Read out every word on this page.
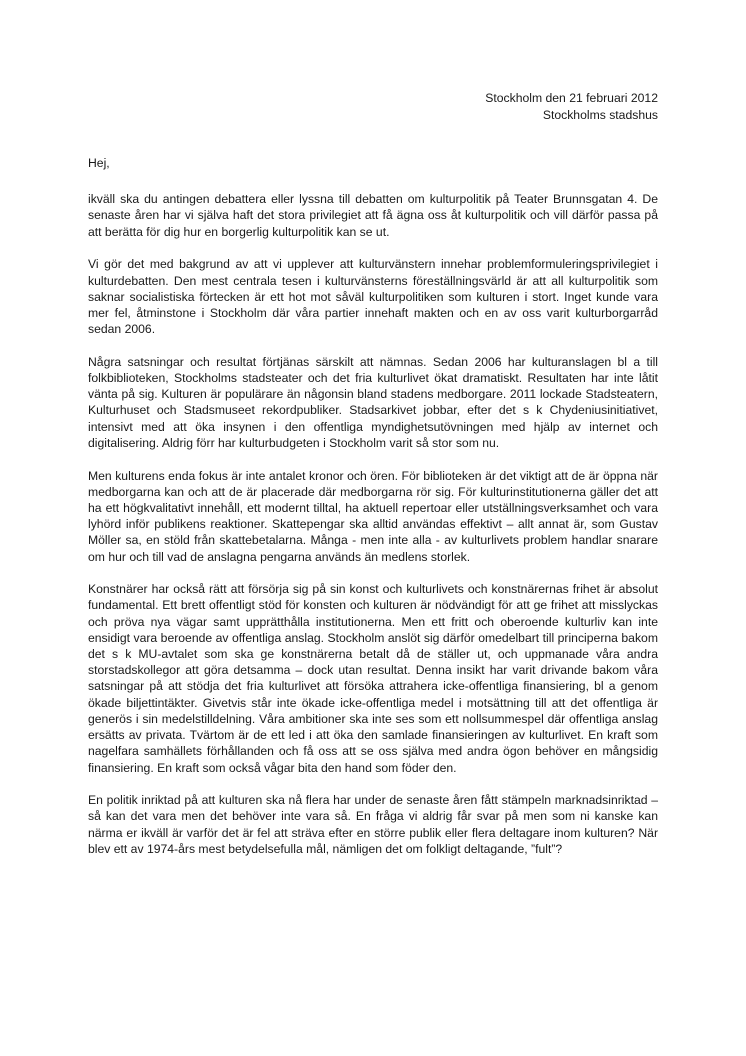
Stockholm den 21 februari 2012
Stockholms stadshus

Hej,

ikväll ska du antingen debattera eller lyssna till debatten om kulturpolitik på Teater Brunnsgatan 4. De senaste åren har vi själva haft det stora privilegiet att få ägna oss åt kulturpolitik och vill därför passa på att berätta för dig hur en borgerlig kulturpolitik kan se ut.

Vi gör det med bakgrund av att vi upplever att kulturvänstern innehar problemformuleringsprivilegiet i kulturdebatten. Den mest centrala tesen i kulturvänsterns föreställningsvärld är att all kulturpolitik som saknar socialistiska förtecken är ett hot mot såväl kulturpolitiken som kulturen i stort. Inget kunde vara mer fel, åtminstone i Stockholm där våra partier innehaft makten och en av oss varit kulturborgarråd sedan 2006.

Några satsningar och resultat förtjänas särskilt att nämnas. Sedan 2006 har kulturanslagen bl a till folkbiblioteken, Stockholms stadsteater och det fria kulturlivet ökat dramatiskt. Resultaten har inte låtit vänta på sig. Kulturen är populärare än någonsin bland stadens medborgare. 2011 lockade Stadsteatern, Kulturhuset och Stadsmuseet rekordpubliker. Stadsarkivet jobbar, efter det s k Chydeniusinitiativet, intensivt med att öka insynen i den offentliga myndighetsutövningen med hjälp av internet och digitalisering. Aldrig förr har kulturbudgeten i Stockholm varit så stor som nu.

Men kulturens enda fokus är inte antalet kronor och ören. För biblioteken är det viktigt att de är öppna när medborgarna kan och att de är placerade där medborgarna rör sig. För kulturinstitutionerna gäller det att ha ett högkvalitativt innehåll, ett modernt tilltal, ha aktuell repertoar eller utställningsverksamhet och vara lyhörd inför publikens reaktioner. Skattepengar ska alltid användas effektivt – allt annat är, som Gustav Möller sa, en stöld från skattebetalarna. Många - men inte alla - av kulturlivets problem handlar snarare om hur och till vad de anslagna pengarna används än medlens storlek.

Konstnärer har också rätt att försörja sig på sin konst och kulturlivets och konstnärernas frihet är absolut fundamental. Ett brett offentligt stöd för konsten och kulturen är nödvändigt för att ge frihet att misslyckas och pröva nya vägar samt upprätthålla institutionerna. Men ett fritt och oberoende kulturliv kan inte ensidigt vara beroende av offentliga anslag. Stockholm anslöt sig därför omedelbart till principerna bakom det s k MU-avtalet som ska ge konstnärerna betalt då de ställer ut, och uppmanade våra andra storstadskollegor att göra detsamma – dock utan resultat. Denna insikt har varit drivande bakom våra satsningar på att stödja det fria kulturlivet att försöka attrahera icke-offentliga finansiering, bl a genom ökade biljettintäkter. Givetvis står inte ökade icke-offentliga medel i motsättning till att det offentliga är generös i sin medelstilldelning. Våra ambitioner ska inte ses som ett nollsummespel där offentliga anslag ersätts av privata. Tvärtom är de ett led i att öka den samlade finansieringen av kulturlivet. En kraft som nagelfara samhällets förhållanden och få oss att se oss själva med andra ögon behöver en mångsidig finansiering. En kraft som också vågar bita den hand som föder den.

En politik inriktad på att kulturen ska nå flera har under de senaste åren fått stämpeln marknadsinriktad – så kan det vara men det behöver inte vara så. En fråga vi aldrig får svar på men som ni kanske kan närma er ikväll är varför det är fel att sträva efter en större publik eller flera deltagare inom kulturen? När blev ett av 1974-års mest betydelsefulla mål, nämligen det om folkligt deltagande, ”fult”?
